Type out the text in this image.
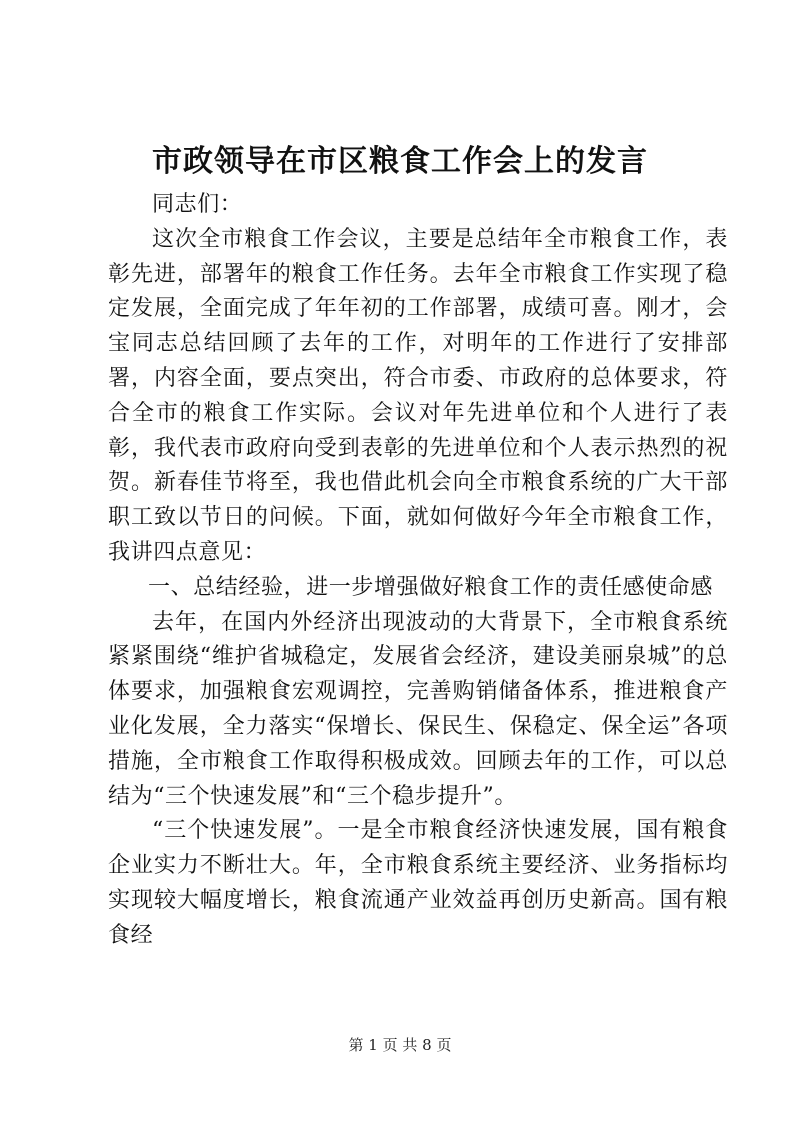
市政领导在市区粮食工作会上的发言

同志们：

这次全市粮食工作会议，主要是总结年全市粮食工作，表彰先进，部署年的粮食工作任务。去年全市粮食工作实现了稳定发展，全面完成了年年初的工作部署，成绩可喜。刚才，会宝同志总结回顾了去年的工作，对明年的工作进行了安排部署，内容全面，要点突出，符合市委、市政府的总体要求，符合全市的粮食工作实际。会议对年先进单位和个人进行了表彰，我代表市政府向受到表彰的先进单位和个人表示热烈的祝贺。新春佳节将至，我也借此机会向全市粮食系统的广大干部职工致以节日的问候。下面，就如何做好今年全市粮食工作，我讲四点意见：

一、总结经验，进一步增强做好粮食工作的责任感使命感

去年，在国内外经济出现波动的大背景下，全市粮食系统紧紧围绕“维护省城稳定，发展省会经济，建设美丽泉城”的总体要求，加强粮食宏观调控，完善购销储备体系，推进粮食产业化发展，全力落实“保增长、保民生、保稳定、保全运”各项措施，全市粮食工作取得积极成效。回顾去年的工作，可以总结为“三个快速发展”和“三个稳步提升”。

“三个快速发展”。一是全市粮食经济快速发展，国有粮食企业实力不断壮大。年，全市粮食系统主要经济、业务指标均实现较大幅度增长，粮食流通产业效益再创历史新高。国有粮食经

第 1 页 共 8 页
